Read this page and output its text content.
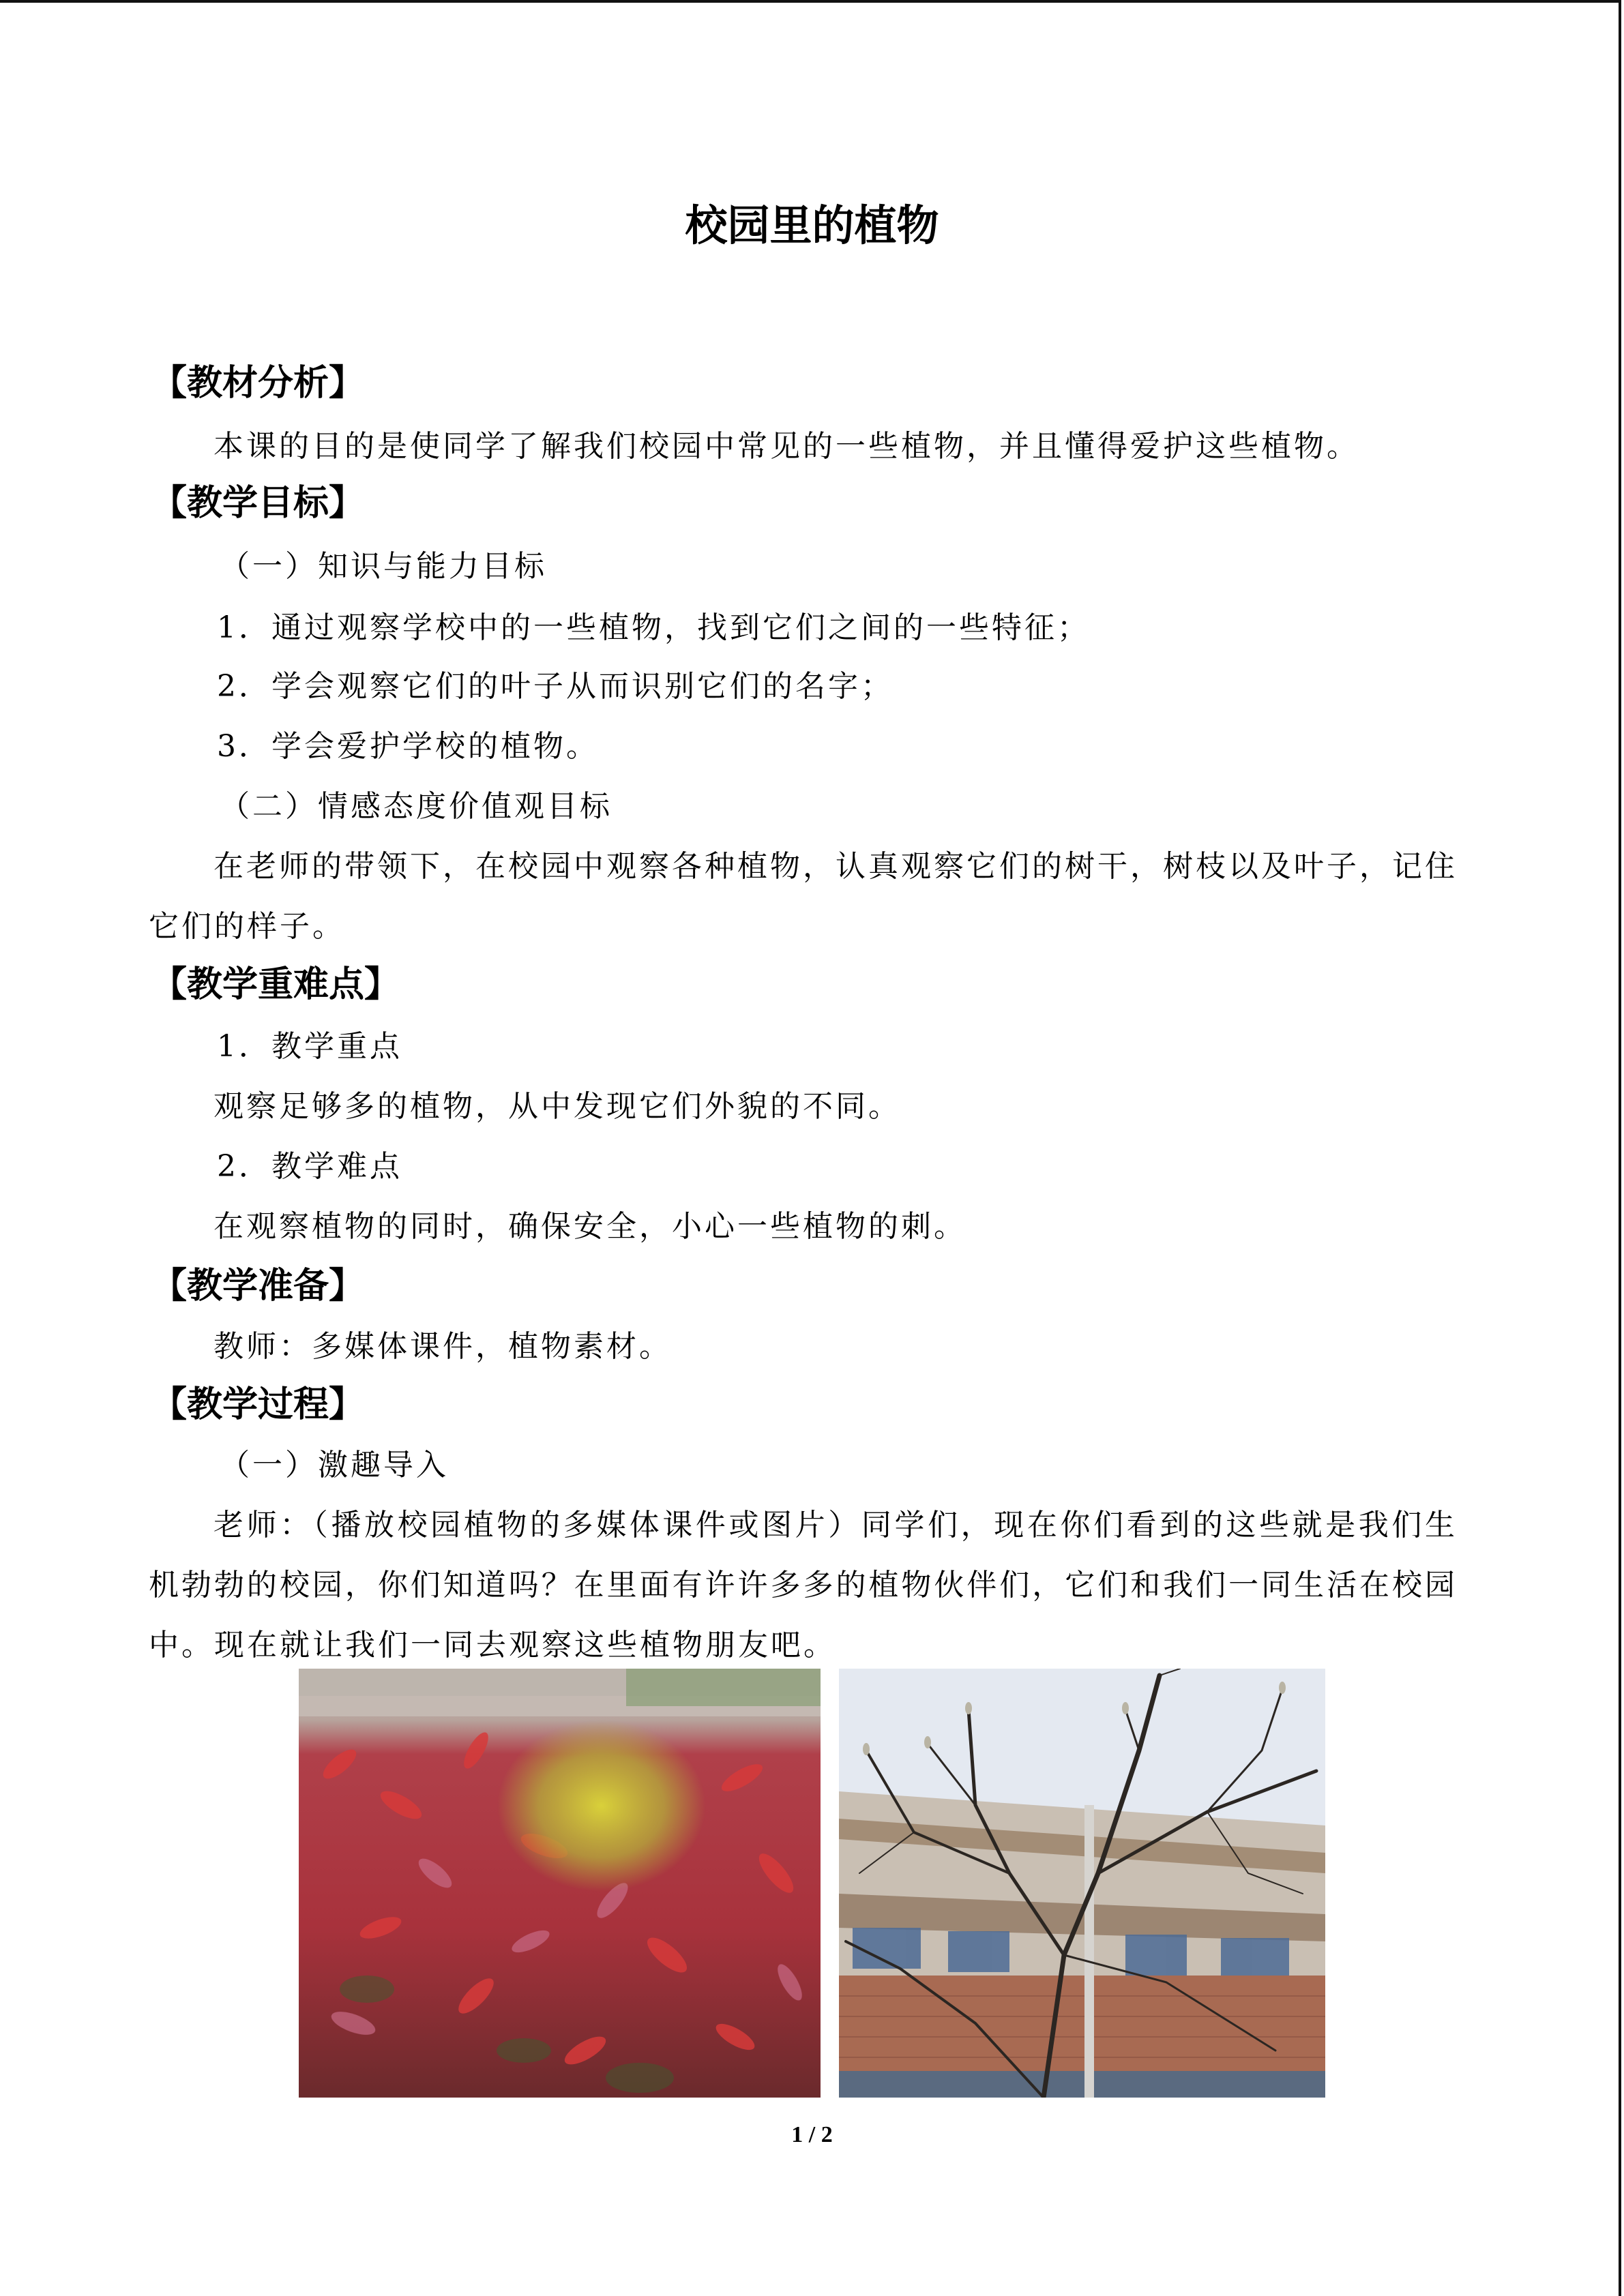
校园里的植物
【教材分析】
本课的目的是使同学了解我们校园中常见的一些植物，并且懂得爱护这些植物。
【教学目标】
（一）知识与能力目标
1．通过观察学校中的一些植物，找到它们之间的一些特征；
2．学会观察它们的叶子从而识别它们的名字；
3．学会爱护学校的植物。
（二）情感态度价值观目标
在老师的带领下，在校园中观察各种植物，认真观察它们的树干，树枝以及叶子，记住
它们的样子。
【教学重难点】
1．教学重点
观察足够多的植物，从中发现它们外貌的不同。
2．教学难点
在观察植物的同时，确保安全，小心一些植物的刺。
【教学准备】
教师：多媒体课件，植物素材。
【教学过程】
（一）激趣导入
老师：（播放校园植物的多媒体课件或图片）同学们，现在你们看到的这些就是我们生
机勃勃的校园，你们知道吗？在里面有许许多多的植物伙伴们，它们和我们一同生活在校园
中。现在就让我们一同去观察这些植物朋友吧。
1 / 2
